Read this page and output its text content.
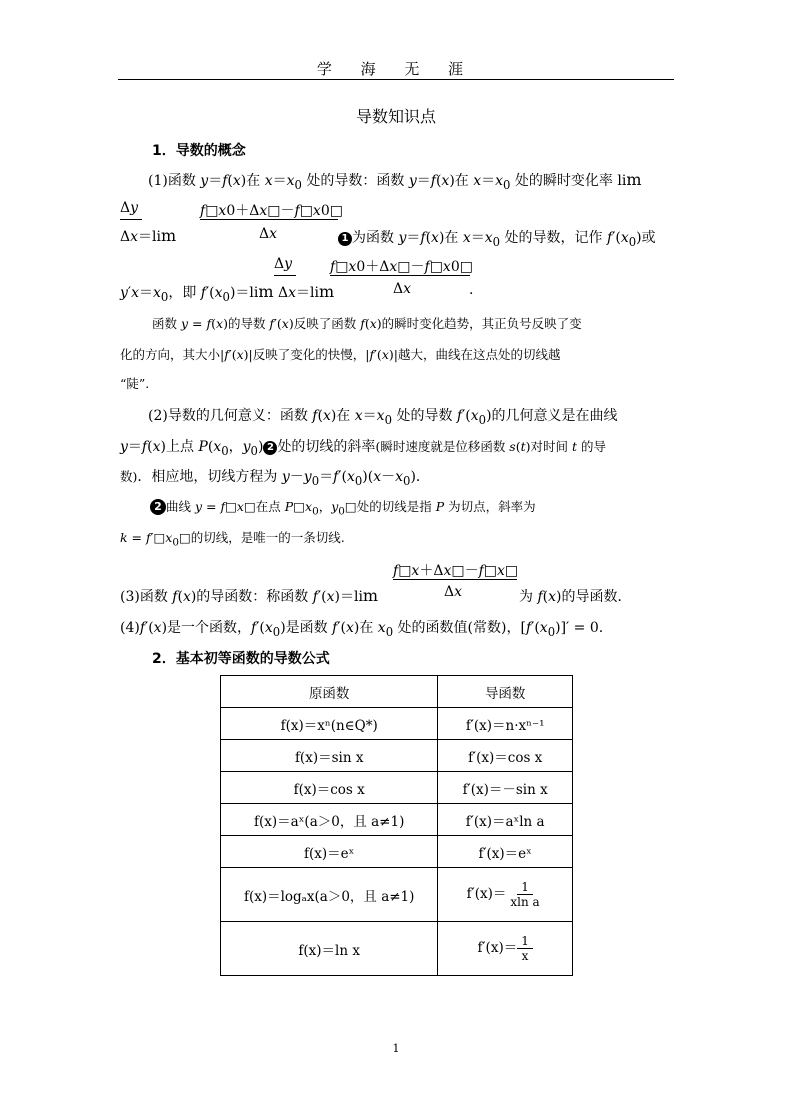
学 海 无 涯
导数知识点
1．导数的概念
(1)函数 y＝f(x)在 $x=x_0$ 处的导数：函数 y＝f(x)在 $x=x_0$ 处的瞬时变化率 lim
Δy	f□x0＋Δx□－f□x0□
Δx＝lim	Δx	1 为函数 y＝f(x)在 $x=x_0$ 处的导数，记作 $f'(x_0)$或
Δy	f□x0＋Δx□－f□x0□
$y'x=x_0$，即 $f'(x_0)=\lim$ Δx＝lim	Δx	.
函数 y = f(x)的导数 f′(x)反映了函数 f(x)的瞬时变化趋势，其正负号反映了变
化的方向，其大小|f′(x)|反映了变化的快慢，|f′(x)|越大，曲线在这点处的切线越
“陡”.
(2)导数的几何意义：函数 f(x)在 $x=x_0$ 处的导数 $f'(x_0)$的几何意义是在曲线
y＝f(x)上点 $P(x_0$，$y_0$) 2 处的切线的斜率(瞬时速度就是位移函数 s(t)对时间 t 的导
数)．相应地，切线方程为 $y-y_0=f'(x_0)(x-x_0)$．
2 曲线 y = f□x□在点 $P□x_0$，$y_0□$处的切线是指 P 为切点，斜率为
$k = f'□x_0□$的切线，是唯一的一条切线.
f□x＋Δx□－f□x□
(3)函数 f(x)的导函数：称函数 f′(x)＝lim	Δx	为 f(x)的导函数．
(4)f′(x)是一个函数，$f'(x_0)$是函数 f′(x)在 $x_0$ 处的函数值(常数)，$[f'(x_0)]' = 0$.
2．基本初等函数的导数公式
原函数	导函数
f(x)＝xⁿ(n∈Q*)	f′(x)＝n·xⁿ⁻¹
f(x)＝sin x	f′(x)＝cos x
f(x)＝cos x	f′(x)＝－sin x
f(x)＝aˣ(a＞0，且 a≠1)	f′(x)＝aˣln a
f(x)＝eˣ	f′(x)＝eˣ
f(x)＝logₐx(a＞0，且 a≠1)	$f'(x)= \frac{1}{\text{xln a}}$

f(x)＝ln x	$f'(x)= \frac{1}{x}$
1
